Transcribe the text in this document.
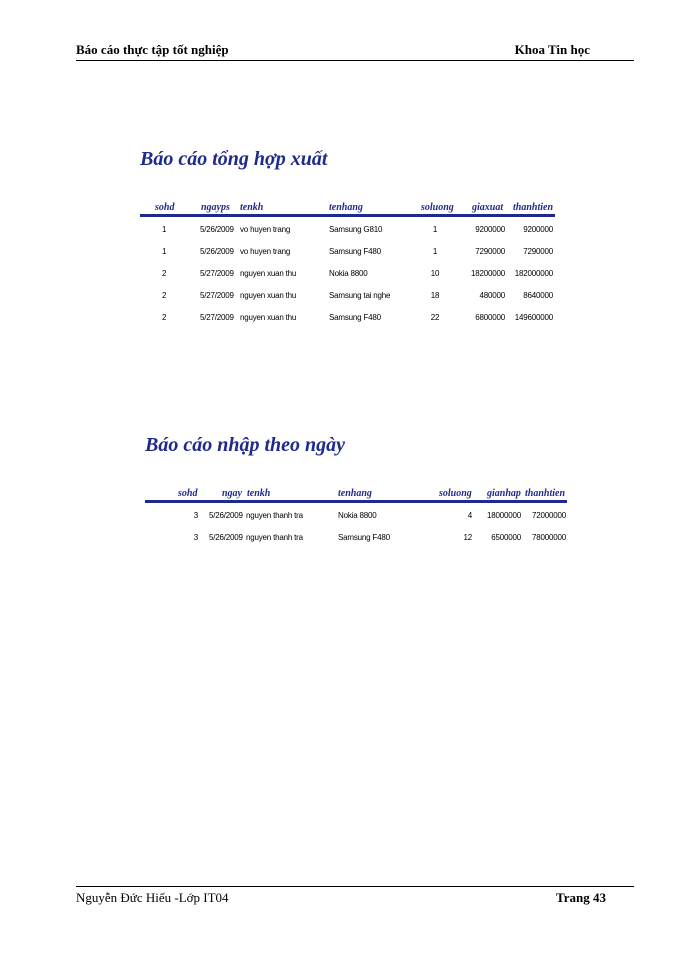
Báo cáo thực tập tốt nghiệp	Khoa Tin học
Báo cáo tổng hợp xuất
sohd	ngayps tenkh	tenhang	soluong giaxuat thanhtien
1	5/26/2009 vo huyen trang	Samsung G810	1	9200000	9200000
1	5/26/2009 vo huyen trang	Samsung F480	1	7290000	7290000
2	5/27/2009 nguyen xuan thu	Nokia 8800	10	18200000	182000000
2	5/27/2009 nguyen xuan thu	Samsung tai nghe	18	480000	8640000
2	5/27/2009 nguyen xuan thu	Samsung F480	22	6800000	149600000
Báo cáo nhập theo ngày
sohd ngay tenkh	tenhang	soluong gianhap thanhtien
3 5/26/2009 nguyen thanh tra	Nokia 8800	4	18000000	72000000
3 5/26/2009 nguyen thanh tra	Samsung F480	12	6500000	78000000
Nguyễn Đức Hiếu -Lớp IT04	Trang 43
